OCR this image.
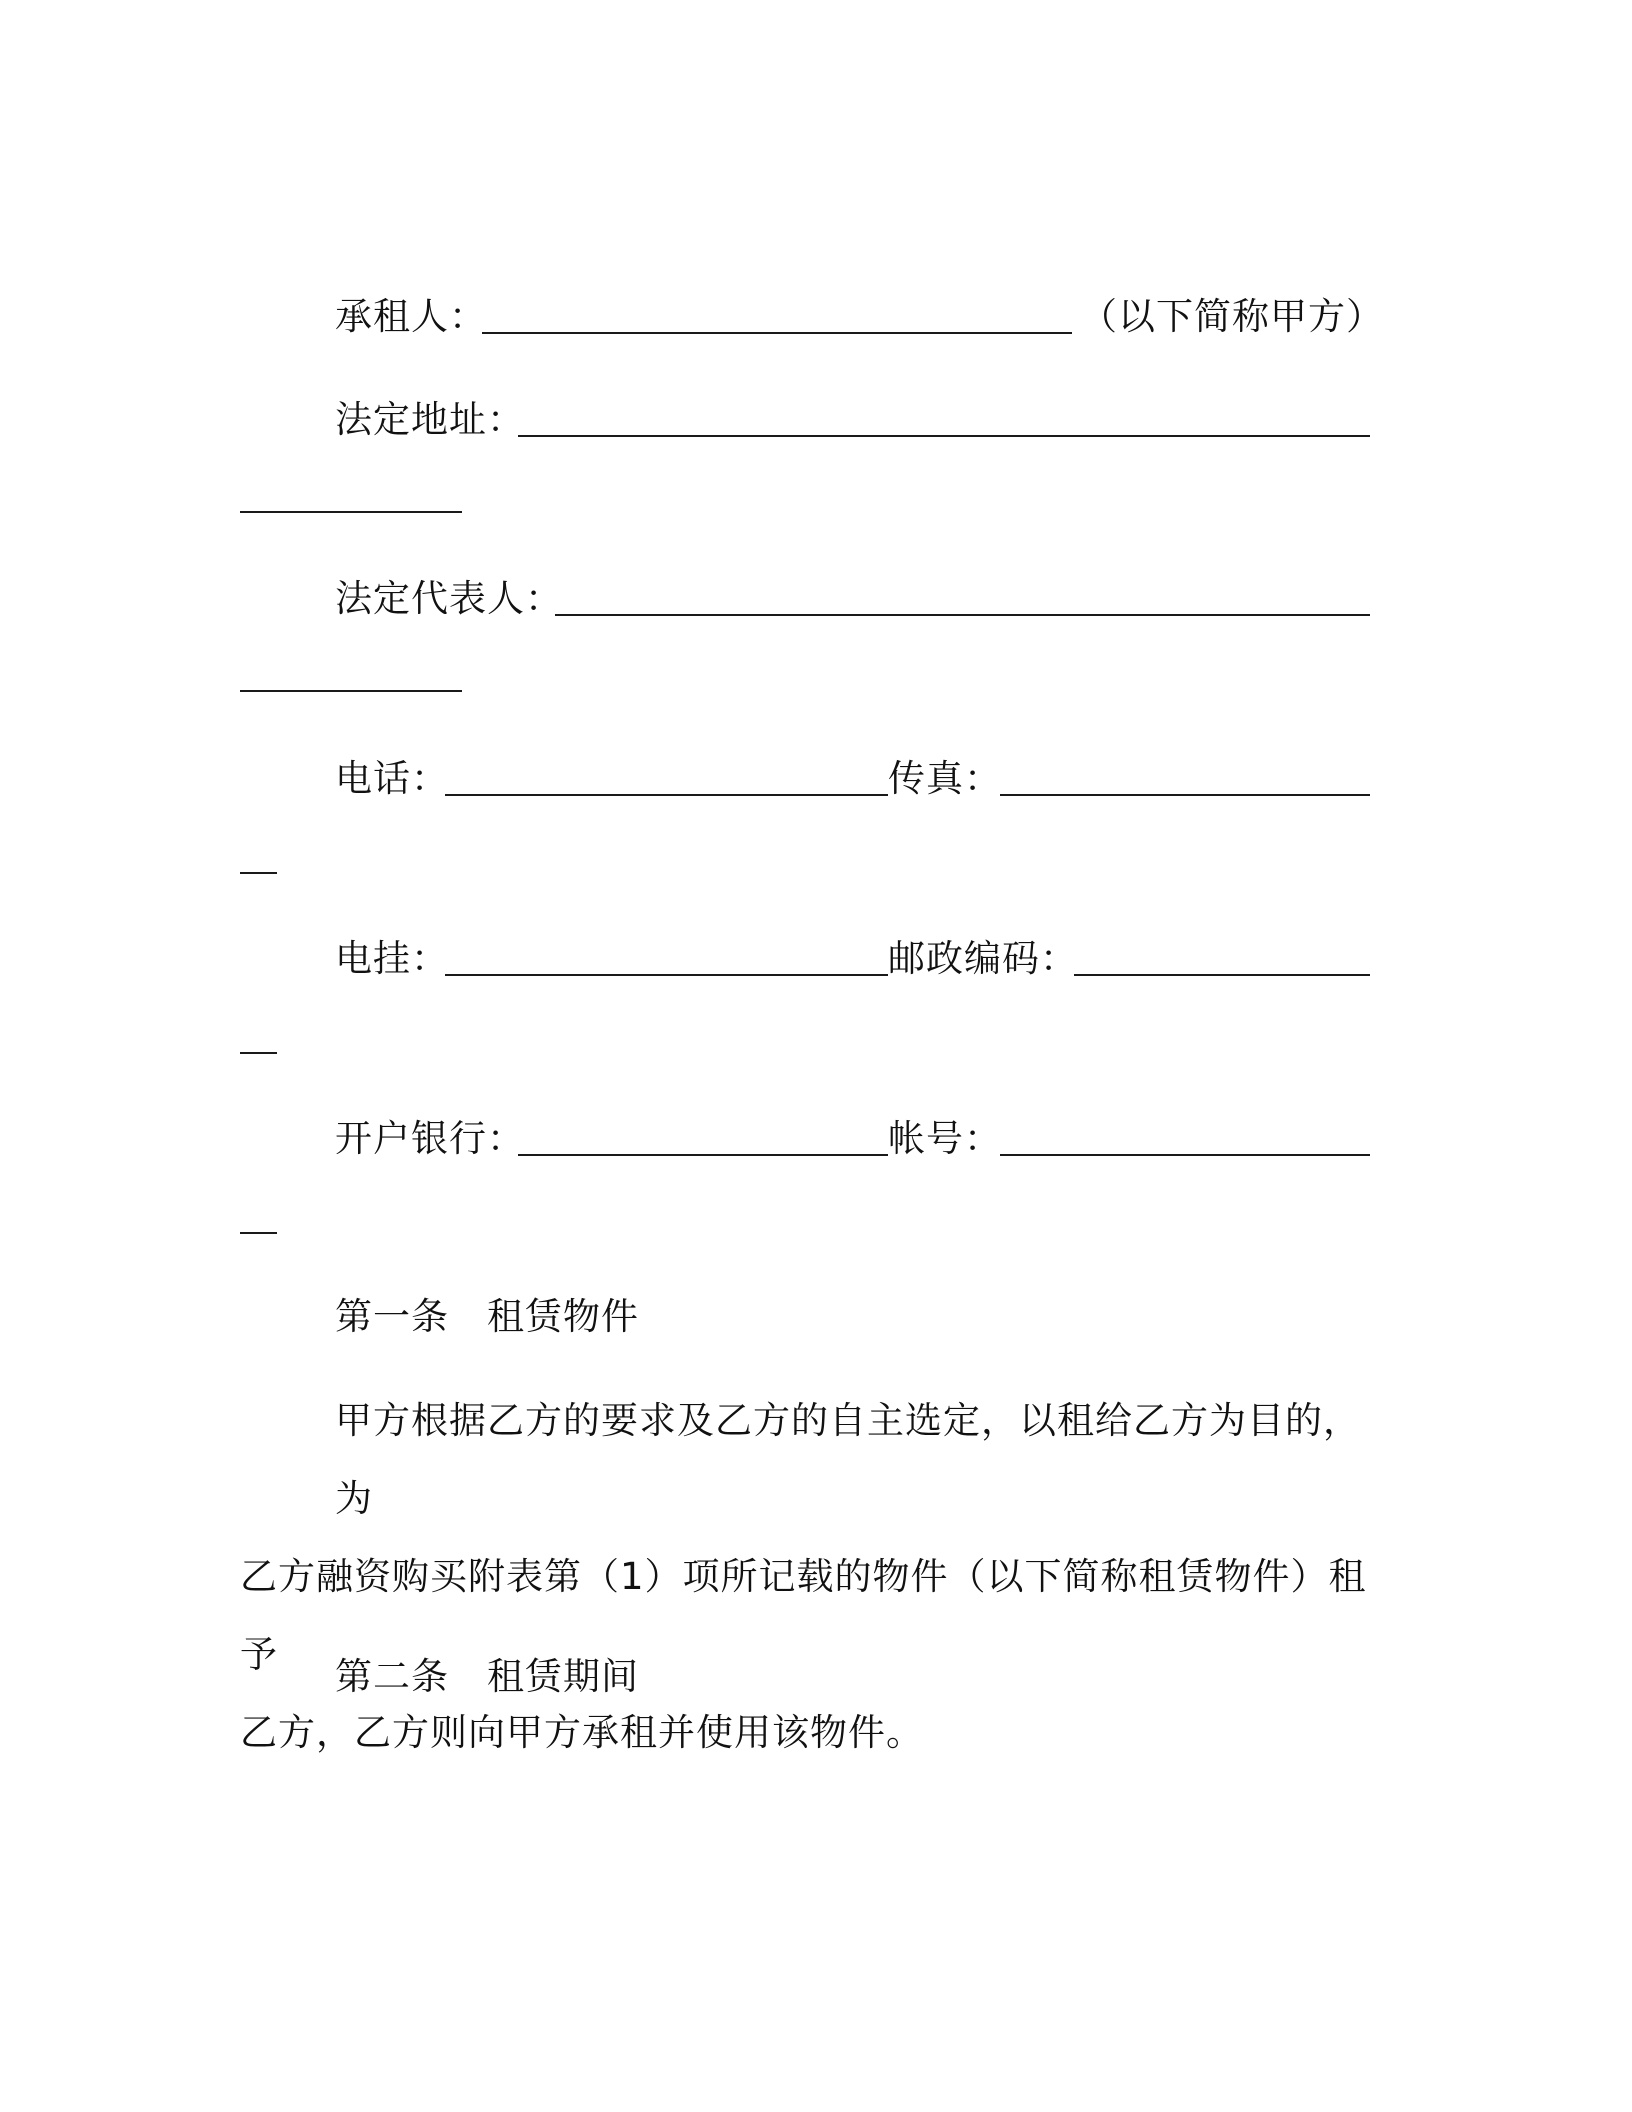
承租人：	（以下简称甲方）
法定地址：
法定代表人：
电话：	传真：
电挂：	邮政编码：
开户银行：	帐号：
第一条　租赁物件

甲方根据乙方的要求及乙方的自主选定，以租给乙方为目的，为

乙方融资购买附表第（1）项所记载的物件（以下简称租赁物件）租予

乙方，乙方则向甲方承租并使用该物件。

第二条　租赁期间
